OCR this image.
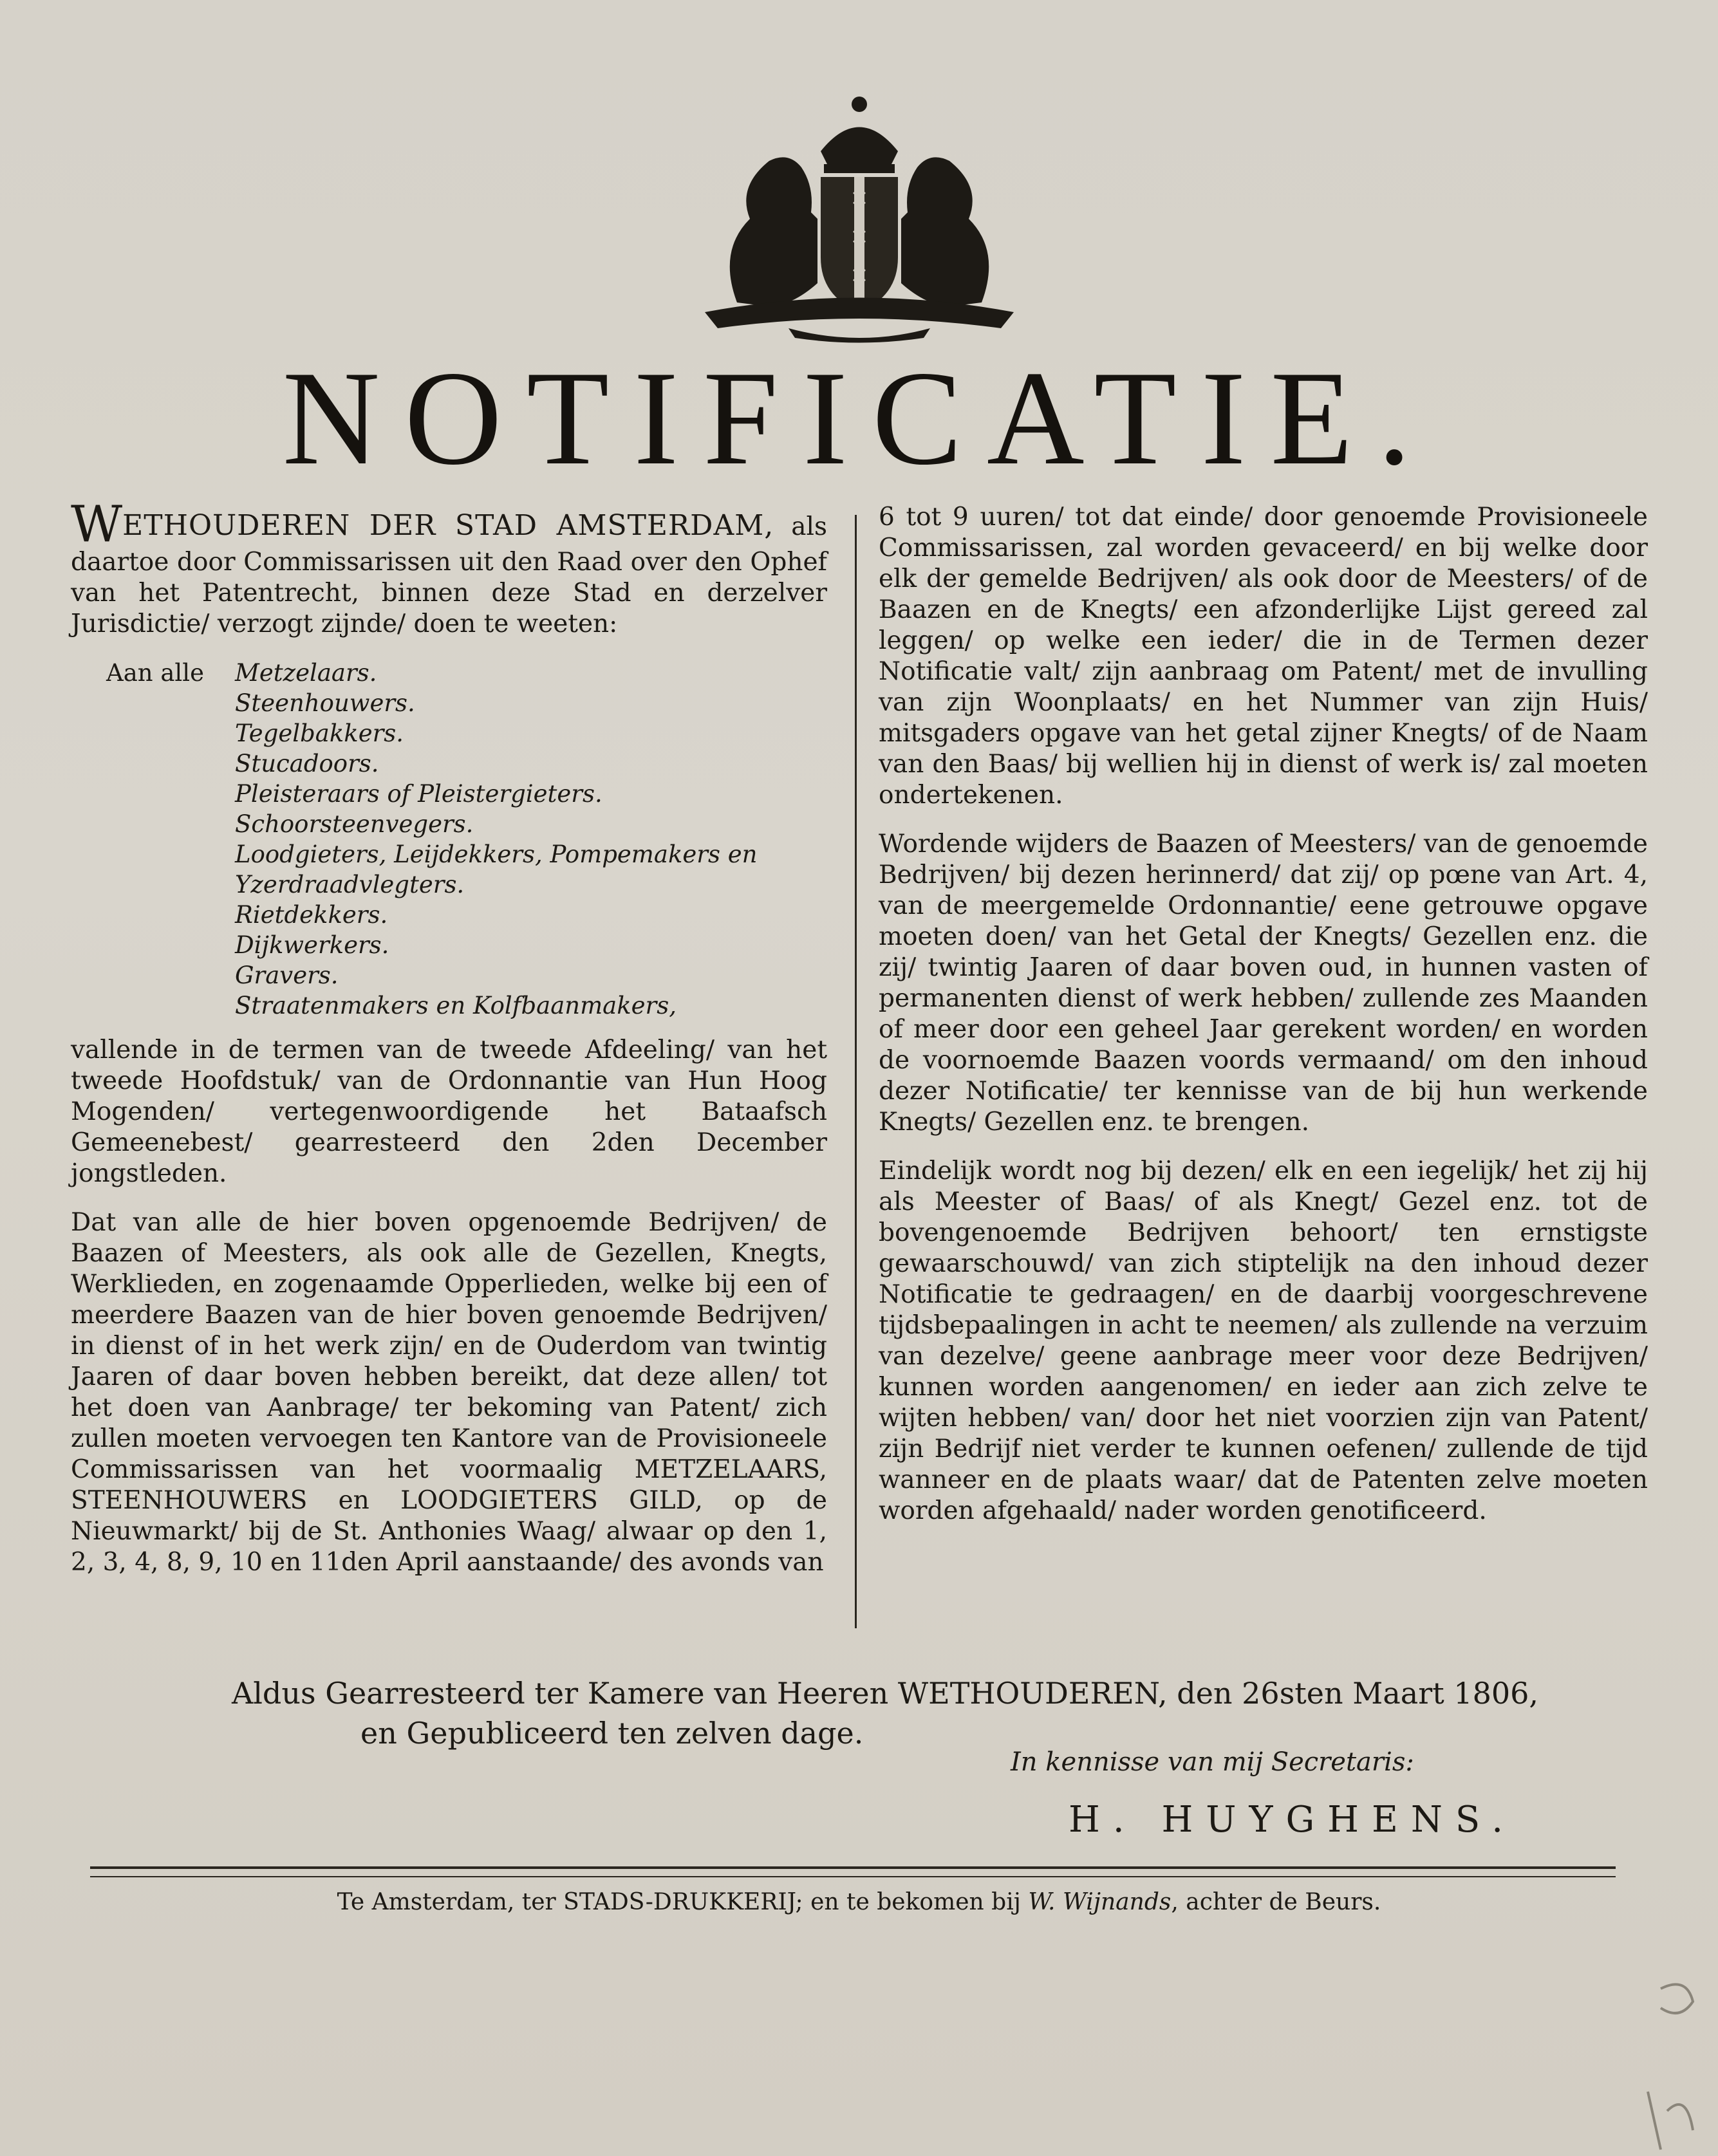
✕
✕
✕
NOTIFICATIE.

WETHOUDEREN DER STAD AMSTERDAM, als daartoe door Commissarissen uit den Raad over den Ophef van het Patentrecht, binnen deze Stad en derzelver Jurisdictie/ verzogt zijnde/ doen te weeten:

Aan alle	Metzelaars.
Steenhouwers.
Tegelbakkers.
Stucadoors.
Pleisteraars of Pleistergieters.
Schoorsteenvegers.
Loodgieters, Leijdekkers, Pompemakers en Yzerdraadvlegters.
Rietdekkers.
Dijkwerkers.
Gravers.
Straatenmakers en Kolfbaanmakers,

vallende in de termen van de tweede Afdeeling/ van het tweede Hoofdstuk/ van de Ordonnantie van Hun Hoog Mogenden/ vertegenwoordigende het Bataafsch Gemeenebest/ gearresteerd den 2den December jongstleden.

Dat van alle de hier boven opgenoemde Bedrijven/ de Baazen of Meesters, als ook alle de Gezellen, Knegts, Werklieden, en zogenaamde Opperlieden, welke bij een of meerdere Baazen van de hier boven genoemde Bedrijven/ in dienst of in het werk zijn/ en de Ouderdom van twintig Jaaren of daar boven hebben bereikt, dat deze allen/ tot het doen van Aanbrage/ ter bekoming van Patent/ zich zullen moeten vervoegen ten Kantore van de Provisioneele Commissarissen van het voormaalig METZELAARS, STEENHOUWERS en LOODGIETERS GILD, op de Nieuwmarkt/ bij de St. Anthonies Waag/ alwaar op den 1, 2, 3, 4, 8, 9, 10 en 11den April aanstaande/ des avonds van

6 tot 9 uuren/ tot dat einde/ door genoemde Provisioneele Commissarissen, zal worden gevaceerd/ en bij welke door elk der gemelde Bedrijven/ als ook door de Meesters/ of de Baazen en de Knegts/ een afzonderlijke Lijst gereed zal leggen/ op welke een ieder/ die in de Termen dezer Notificatie valt/ zijn aanbraag om Patent/ met de invulling van zijn Woonplaats/ en het Nummer van zijn Huis/ mitsgaders opgave van het getal zijner Knegts/ of de Naam van den Baas/ bij wellien hij in dienst of werk is/ zal moeten ondertekenen.

Wordende wijders de Baazen of Meesters/ van de genoemde Bedrijven/ bij dezen herinnerd/ dat zij/ op pœne van Art. 4, van de meergemelde Ordonnantie/ eene getrouwe opgave moeten doen/ van het Getal der Knegts/ Gezellen enz. die zij/ twintig Jaaren of daar boven oud, in hunnen vasten of permanenten dienst of werk hebben/ zullende zes Maanden of meer door een geheel Jaar gerekent worden/ en worden de voornoemde Baazen voords vermaand/ om den inhoud dezer Notificatie/ ter kennisse van de bij hun werkende Knegts/ Gezellen enz. te brengen.

Eindelijk wordt nog bij dezen/ elk en een iegelijk/ het zij hij als Meester of Baas/ of als Knegt/ Gezel enz. tot de bovengenoemde Bedrijven behoort/ ten ernstigste gewaarschouwd/ van zich stiptelijk na den inhoud dezer Notificatie te gedraagen/ en de daarbij voorgeschrevene tijdsbepaalingen in acht te neemen/ als zullende na verzuim van dezelve/ geene aanbrage meer voor deze Bedrijven/ kunnen worden aangenomen/ en ieder aan zich zelve te wijten hebben/ van/ door het niet voorzien zijn van Patent/ zijn Bedrijf niet verder te kunnen oefenen/ zullende de tijd wanneer en de plaats waar/ dat de Patenten zelve moeten worden afgehaald/ nader worden genotificeerd.

Aldus Gearresteerd ter Kamere van Heeren WETHOUDEREN, den 26sten Maart 1806,
en Gepubliceerd ten zelven dage.
In kennisse van mij Secretaris:
H. HUYGHENS.
Te Amsterdam, ter STADS-DRUKKERIJ; en te bekomen bij W. Wijnands, achter de Beurs.
